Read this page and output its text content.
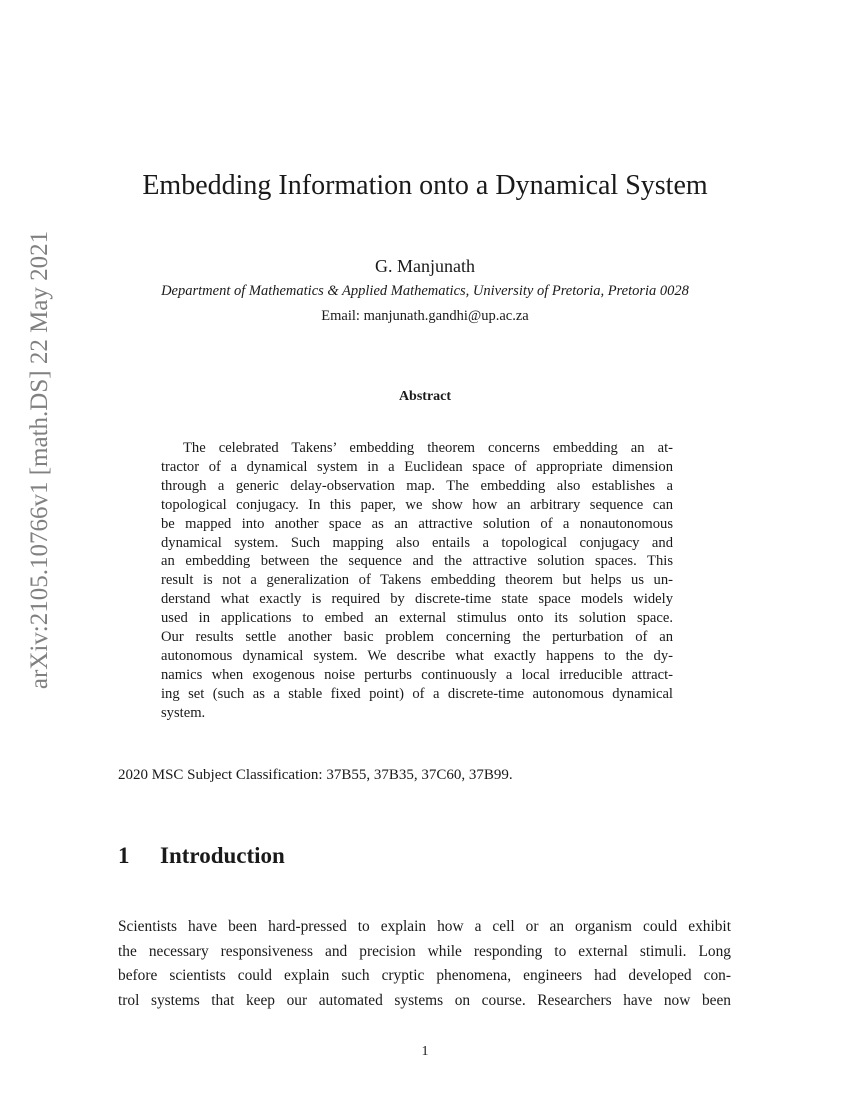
arXiv:2105.10766v1 [math.DS] 22 May 2021
Embedding Information onto a Dynamical System
G. Manjunath
Department of Mathematics & Applied Mathematics, University of Pretoria, Pretoria 0028
Email: manjunath.gandhi@up.ac.za
Abstract
The celebrated Takens’ embedding theorem concerns embedding an at-
tractor of a dynamical system in a Euclidean space of appropriate dimension
through a generic delay-observation map. The embedding also establishes a
topological conjugacy. In this paper, we show how an arbitrary sequence can
be mapped into another space as an attractive solution of a nonautonomous
dynamical system. Such mapping also entails a topological conjugacy and
an embedding between the sequence and the attractive solution spaces. This
result is not a generalization of Takens embedding theorem but helps us un-
derstand what exactly is required by discrete-time state space models widely
used in applications to embed an external stimulus onto its solution space.
Our results settle another basic problem concerning the perturbation of an
autonomous dynamical system. We describe what exactly happens to the dy-
namics when exogenous noise perturbs continuously a local irreducible attract-
ing set (such as a stable fixed point) of a discrete-time autonomous dynamical
system.
2020 MSC Subject Classification: 37B55, 37B35, 37C60, 37B99.
1 Introduction
Scientists have been hard-pressed to explain how a cell or an organism could exhibit
the necessary responsiveness and precision while responding to external stimuli. Long
before scientists could explain such cryptic phenomena, engineers had developed con-
trol systems that keep our automated systems on course. Researchers have now been
1
